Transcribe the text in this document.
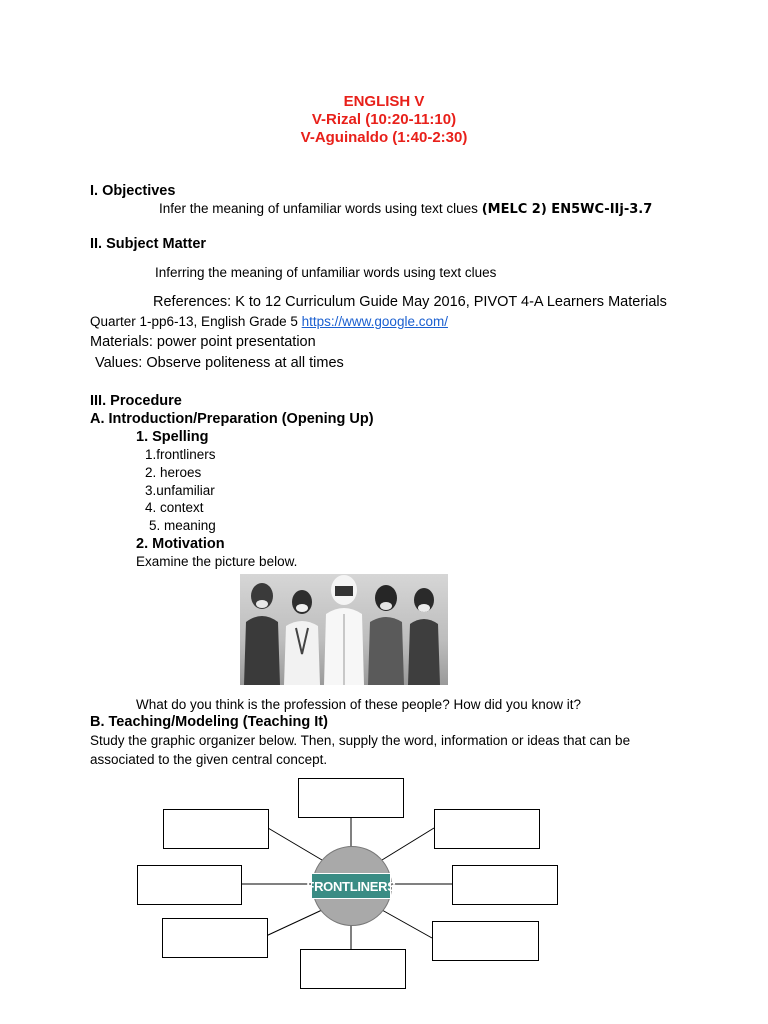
ENGLISH V
V-Rizal (10:20-11:10)
V-Aguinaldo (1:40-2:30)
I. Objectives
Infer the meaning of unfamiliar words using text clues (MELC 2) EN5WC-IIj-3.7
II. Subject Matter
Inferring the meaning of unfamiliar words using text clues
References: K to 12 Curriculum Guide May 2016, PIVOT 4-A Learners Materials
Quarter 1-pp6-13, English Grade 5 https://www.google.com/
Materials: power point presentation
Values: Observe politeness at all times
III. Procedure
A. Introduction/Preparation (Opening Up)
1. Spelling
1.frontliners
2. heroes
3.unfamiliar
4. context
5. meaning
2. Motivation
Examine the picture below.
What do you think is the profession of these people? How did you know it?
B. Teaching/Modeling (Teaching It)
Study the graphic organizer below. Then, supply the word, information or ideas that can be
associated to the given central concept.
FRONTLINERS
